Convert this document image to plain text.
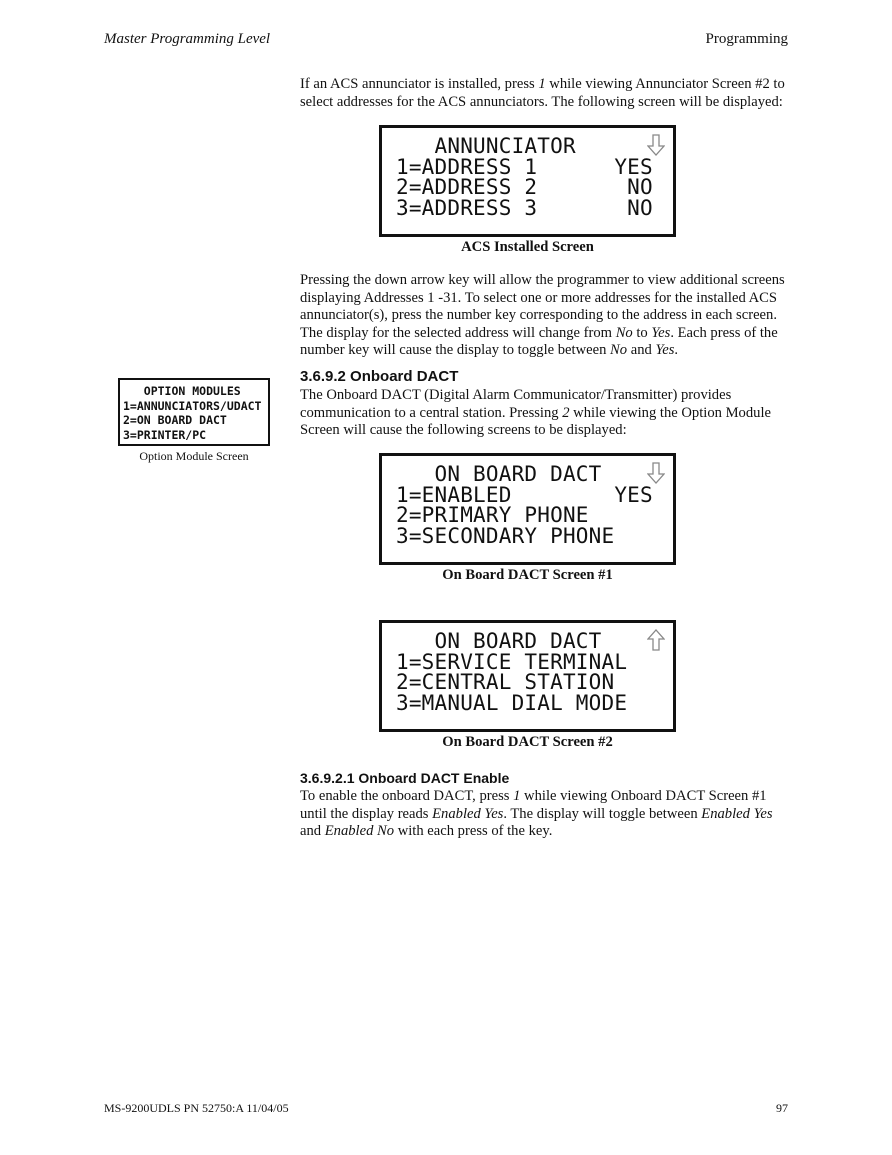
Master Programming Level	Programming
If an ACS annunciator is installed, press 1 while viewing Annunciator Screen #2 to select addresses for the ACS annunciators. The following screen will be displayed:
ANNUNCIATOR
1=ADDRESS 1      YES
2=ADDRESS 2       NO
3=ADDRESS 3       NO
ACS Installed Screen
Pressing the down arrow key will allow the programmer to view additional screens displaying Addresses 1 -31. To select one or more addresses for the installed ACS annunciator(s), press the number key corresponding to the address in each screen. The display for the selected address will change from No to Yes. Each press of the number key will cause the display to toggle between No and Yes.
3.6.9.2 Onboard DACT
The Onboard DACT (Digital Alarm Communicator/Transmitter) provides communication to a central station. Pressing 2 while viewing the Option Module Screen will cause the following screens to be displayed:
OPTION MODULES
1=ANNUNCIATORS/UDACT
2=ON BOARD DACT
3=PRINTER/PC
Option Module Screen
ON BOARD DACT
1=ENABLED        YES
2=PRIMARY PHONE
3=SECONDARY PHONE
On Board DACT Screen #1
ON BOARD DACT
1=SERVICE TERMINAL
2=CENTRAL STATION
3=MANUAL DIAL MODE
On Board DACT Screen #2
3.6.9.2.1 Onboard DACT Enable
To enable the onboard DACT, press 1 while viewing Onboard DACT Screen #1 until the display reads Enabled Yes. The display will toggle between Enabled Yes and Enabled No with each press of the key.
MS-9200UDLS PN 52750:A 11/04/05	97
